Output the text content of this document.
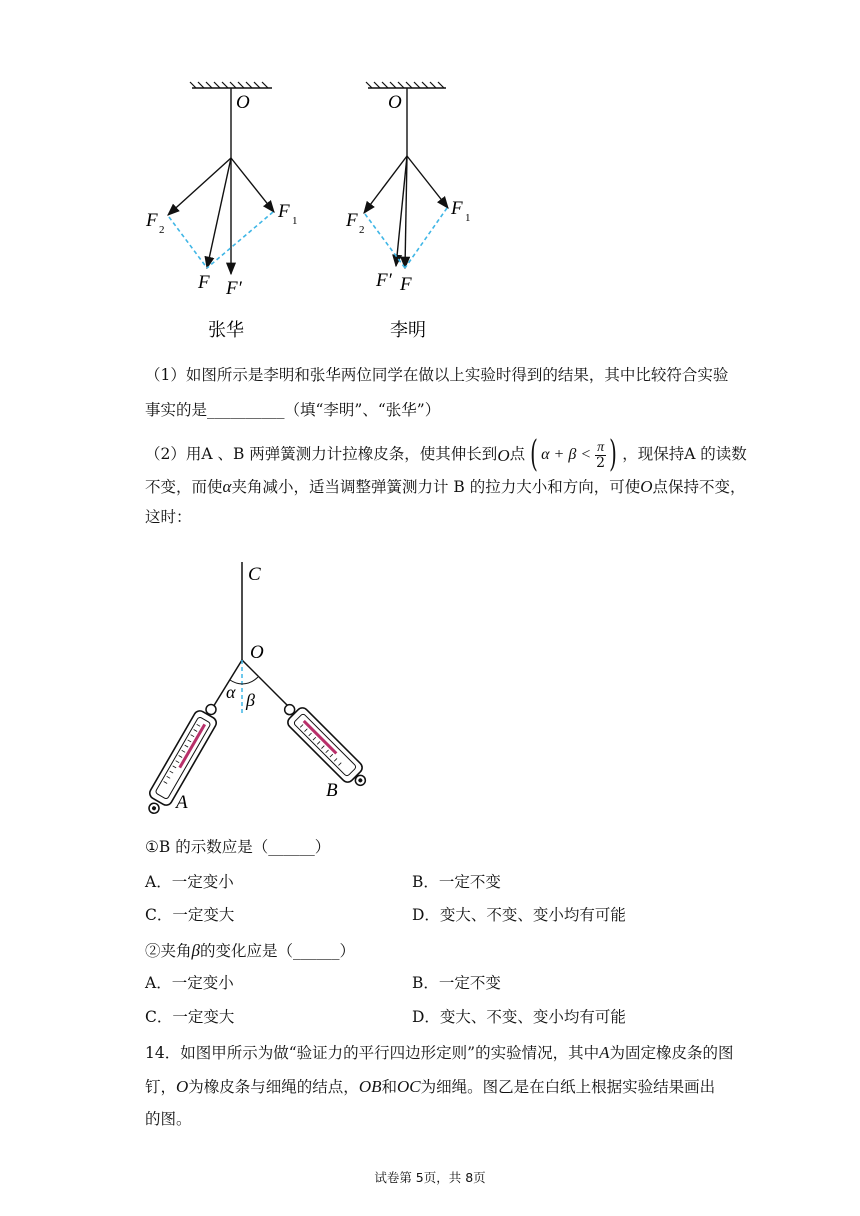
O
F 2
F 1
F F′
张华
O
F 2
F 1
F′ F
李明
（1）如图所示是李明和张华两位同学在做以上实验时得到的结果，其中比较符合实验
事实的是__________（填“李明”、“张华”）
（2）用A 、B 两弹簧测力计拉橡皮条，使其伸长到 O 点 ( α + β < π
2 ) ，现保持A 的读数
不变，而使α夹角减小，适当调整弹簧测力计 B 的拉力大小和方向，可使O点保持不变，
这时：
C
O
α β
A
B
①B 的示数应是（______）
A．一定变小	B．一定不变
C．一定变大	D．变大、不变、变小均有可能
②夹角β的变化应是（______）
A．一定变小	B．一定不变
C．一定变大	D．变大、不变、变小均有可能
14．如图甲所示为做“验证力的平行四边形定则”的实验情况，其中A为固定橡皮条的图
钉，O为橡皮条与细绳的结点，OB和OC为细绳。图乙是在白纸上根据实验结果画出
的图。
试卷第 5页，共 8页
